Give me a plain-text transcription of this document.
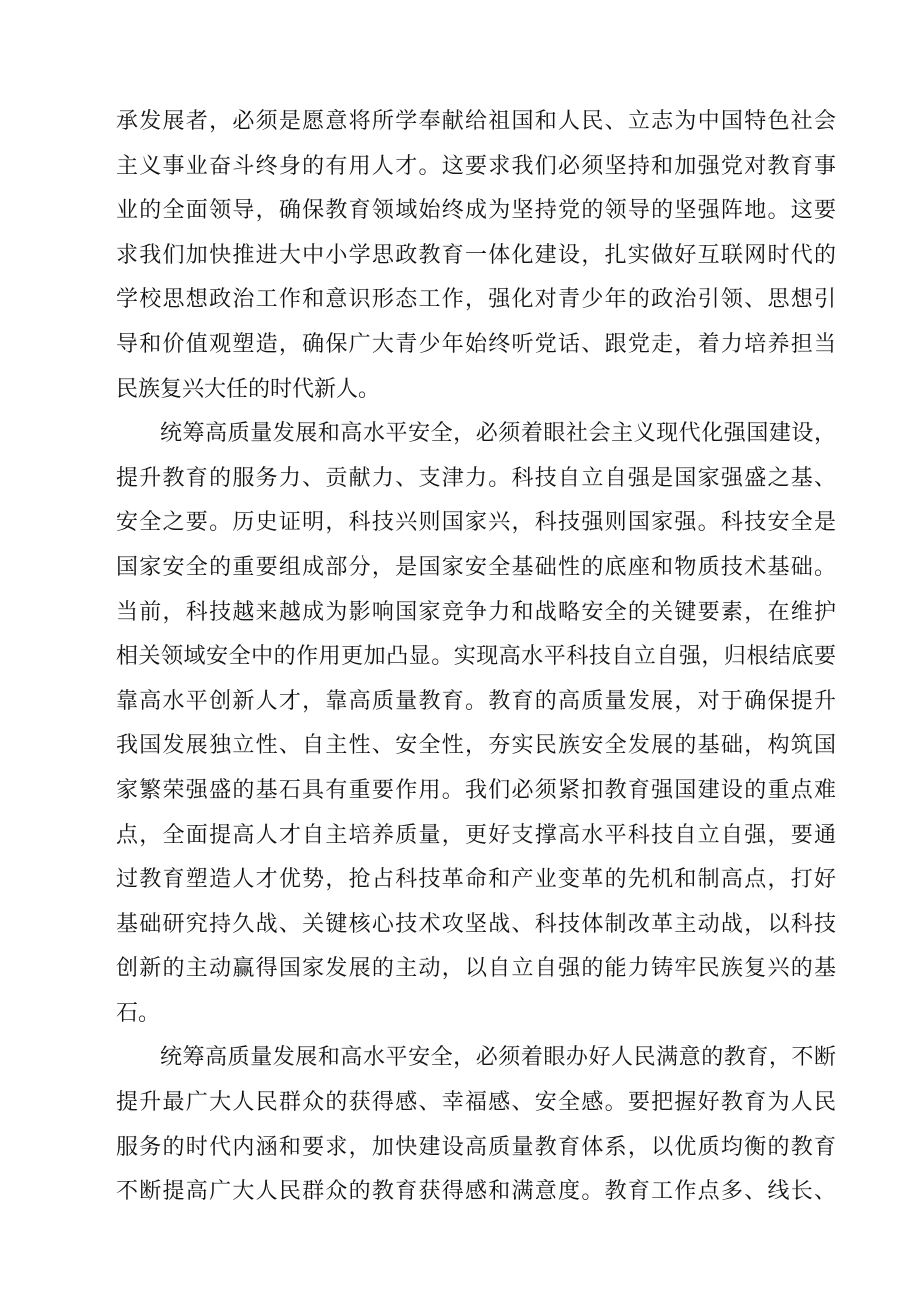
承发展者，必须是愿意将所学奉献给祖国和人民、立志为中国特色社会
主义事业奋斗终身的有用人才。这要求我们必须坚持和加强党对教育事
业的全面领导，确保教育领域始终成为坚持党的领导的坚强阵地。这要
求我们加快推进大中小学思政教育一体化建设，扎实做好互联网时代的
学校思想政治工作和意识形态工作，强化对青少年的政治引领、思想引
导和价值观塑造，确保广大青少年始终听党话、跟党走，着力培养担当
民族复兴大任的时代新人。
统筹高质量发展和高水平安全，必须着眼社会主义现代化强国建设，
提升教育的服务力、贡献力、支津力。科技自立自强是国家强盛之基、
安全之要。历史证明，科技兴则国家兴，科技强则国家强。科技安全是
国家安全的重要组成部分，是国家安全基础性的底座和物质技术基础。
当前，科技越来越成为影响国家竞争力和战略安全的关键要素，在维护
相关领域安全中的作用更加凸显。实现高水平科技自立自强，归根结底要
靠高水平创新人才，靠高质量教育。教育的高质量发展，对于确保提升
我国发展独立性、自主性、安全性，夯实民族安全发展的基础，构筑国
家繁荣强盛的基石具有重要作用。我们必须紧扣教育强国建设的重点难
点，全面提高人才自主培养质量，更好支撑高水平科技自立自强，要通
过教育塑造人才优势，抢占科技革命和产业变革的先机和制高点，打好
基础研究持久战、关键核心技术攻坚战、科技体制改革主动战，以科技
创新的主动赢得国家发展的主动，以自立自强的能力铸牢民族复兴的基
石。
统筹高质量发展和高水平安全，必须着眼办好人民满意的教育，不断
提升最广大人民群众的获得感、幸福感、安全感。要把握好教育为人民
服务的时代内涵和要求，加快建设高质量教育体系，以优质均衡的教育
不断提高广大人民群众的教育获得感和满意度。教育工作点多、线长、
